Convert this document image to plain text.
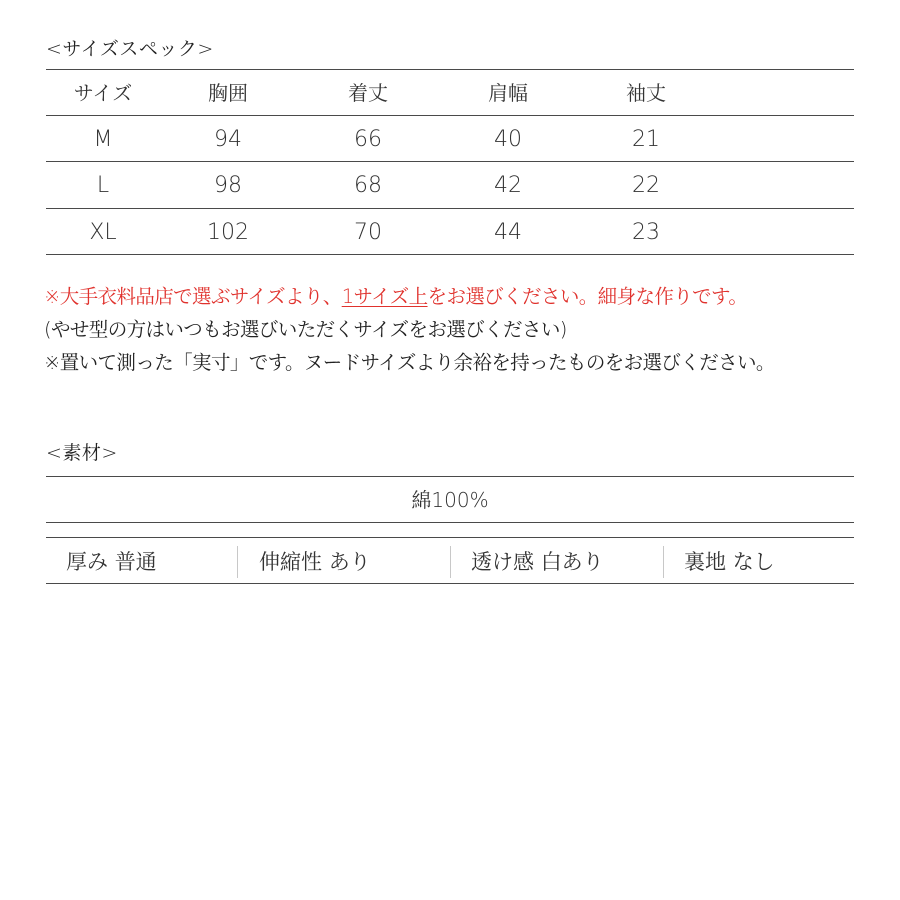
<サイズスペック>
サイズ	胸囲	着丈	肩幅	袖丈
M	94	66	40	21
L	98	68	42	22
XL	102	70	44	23
※大手衣料品店で選ぶサイズより、1サイズ上をお選びください。細身な作りです。
(やせ型の方はいつもお選びいただくサイズをお選びください)
※置いて測った「実寸」です。ヌードサイズより余裕を持ったものをお選びください。
<素材>
綿100%
厚み 普通	伸縮性 あり	透け感 白あり	裏地 なし
